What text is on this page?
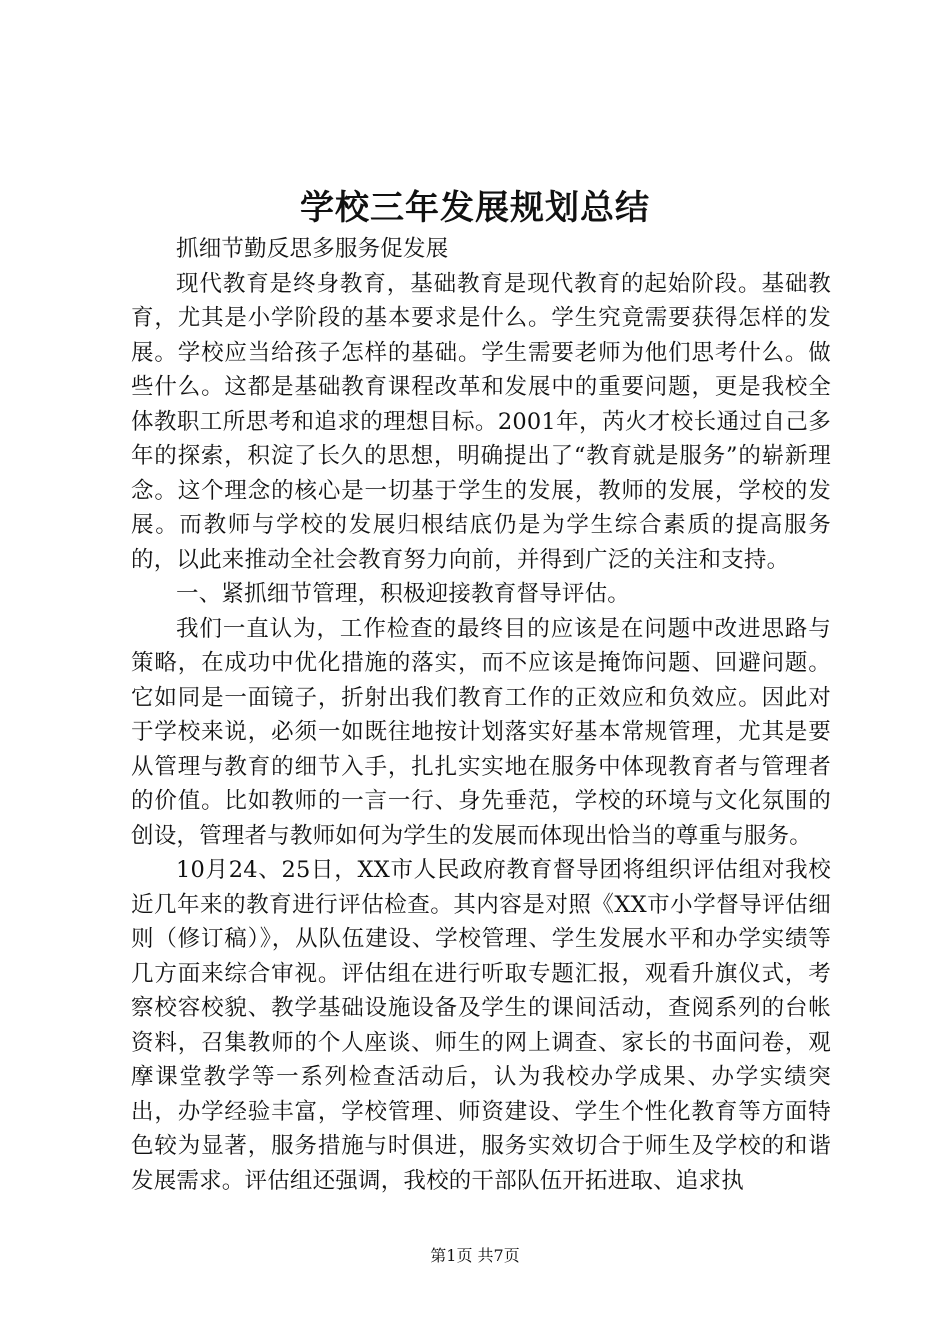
学校三年发展规划总结

抓细节勤反思多服务促发展

现代教育是终身教育，基础教育是现代教育的起始阶段。基础教育，尤其是小学阶段的基本要求是什么。学生究竟需要获得怎样的发展。学校应当给孩子怎样的基础。学生需要老师为他们思考什么。做些什么。这都是基础教育课程改革和发展中的重要问题，更是我校全体教职工所思考和追求的理想目标。2001年，芮火才校长通过自己多年的探索，积淀了长久的思想，明确提出了“教育就是服务”的崭新理念。这个理念的核心是一切基于学生的发展，教师的发展，学校的发展。而教师与学校的发展归根结底仍是为学生综合素质的提高服务的，以此来推动全社会教育努力向前，并得到广泛的关注和支持。

一、紧抓细节管理，积极迎接教育督导评估。

我们一直认为，工作检查的最终目的应该是在问题中改进思路与策略，在成功中优化措施的落实，而不应该是掩饰问题、回避问题。它如同是一面镜子，折射出我们教育工作的正效应和负效应。因此对于学校来说，必须一如既往地按计划落实好基本常规管理，尤其是要从管理与教育的细节入手，扎扎实实地在服务中体现教育者与管理者的价值。比如教师的一言一行、身先垂范，学校的环境与文化氛围的创设，管理者与教师如何为学生的发展而体现出恰当的尊重与服务。

10月24、25日，XX市人民政府教育督导团将组织评估组对我校近几年来的教育进行评估检查。其内容是对照《XX市小学督导评估细则（修订稿）》，从队伍建设、学校管理、学生发展水平和办学实绩等几方面来综合审视。评估组在进行听取专题汇报，观看升旗仪式，考察校容校貌、教学基础设施设备及学生的课间活动，查阅系列的台帐资料，召集教师的个人座谈、师生的网上调查、家长的书面问卷，观摩课堂教学等一系列检查活动后，认为我校办学成果、办学实绩突出，办学经验丰富，学校管理、师资建设、学生个性化教育等方面特色较为显著，服务措施与时俱进，服务实效切合于师生及学校的和谐发展需求。评估组还强调，我校的干部队伍开拓进取、追求执

第1页 共7页
